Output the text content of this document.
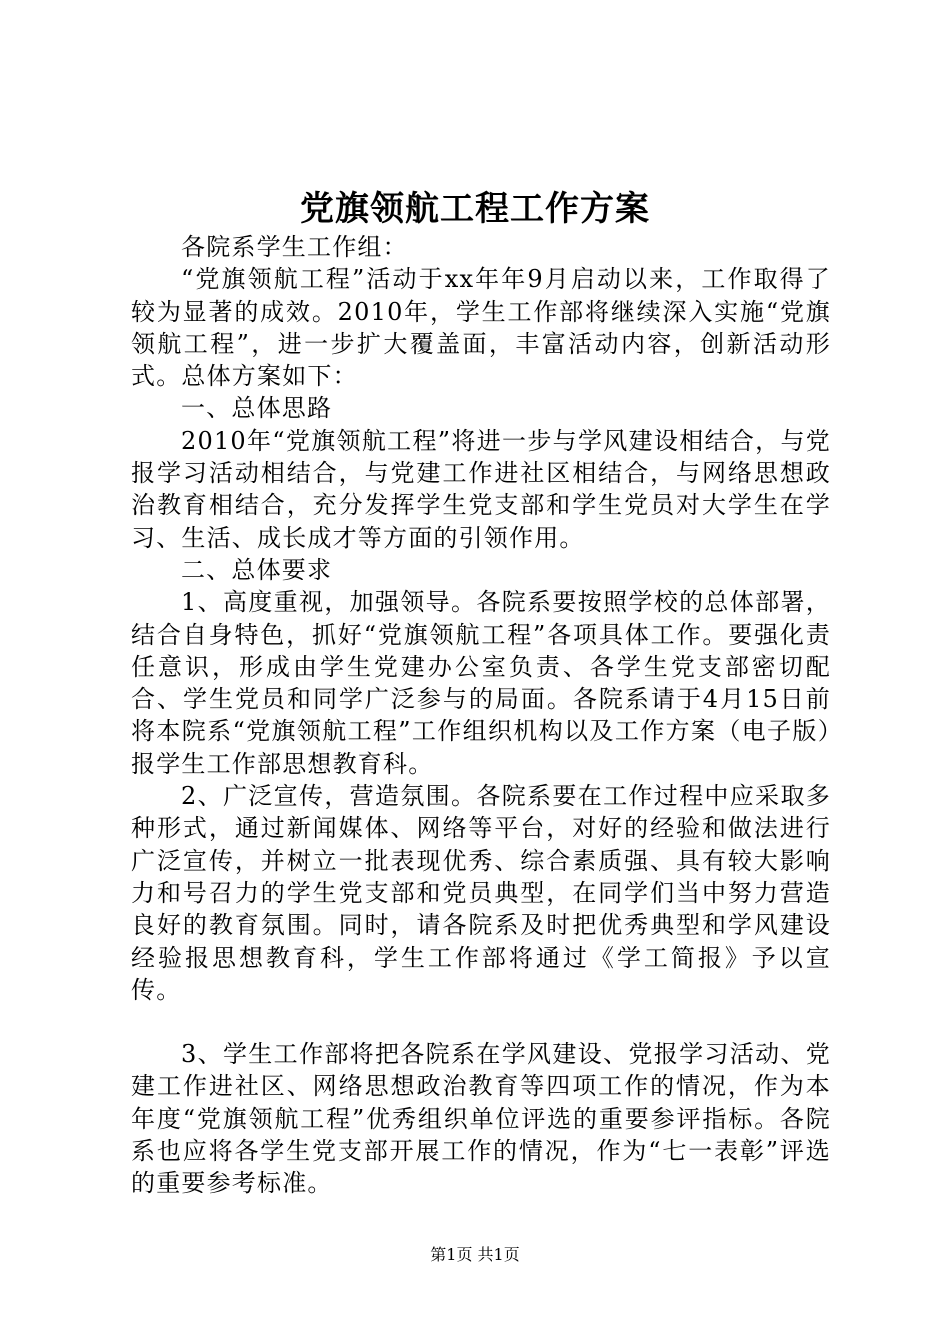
党旗领航工程工作方案

各院系学生工作组：

“党旗领航工程”活动于xx年年9月启动以来，工作取得了较为显著的成效。2010年，学生工作部将继续深入实施“党旗领航工程”，进一步扩大覆盖面，丰富活动内容，创新活动形式。总体方案如下：

一、总体思路

2010年“党旗领航工程”将进一步与学风建设相结合，与党报学习活动相结合，与党建工作进社区相结合，与网络思想政治教育相结合，充分发挥学生党支部和学生党员对大学生在学习、生活、成长成才等方面的引领作用。

二、总体要求

1、高度重视，加强领导。各院系要按照学校的总体部署，结合自身特色，抓好“党旗领航工程”各项具体工作。要强化责任意识，形成由学生党建办公室负责、各学生党支部密切配合、学生党员和同学广泛参与的局面。各院系请于4月15日前将本院系“党旗领航工程”工作组织机构以及工作方案（电子版）报学生工作部思想教育科。

2、广泛宣传，营造氛围。各院系要在工作过程中应采取多种形式，通过新闻媒体、网络等平台，对好的经验和做法进行广泛宣传，并树立一批表现优秀、综合素质强、具有较大影响力和号召力的学生党支部和党员典型，在同学们当中努力营造良好的教育氛围。同时，请各院系及时把优秀典型和学风建设经验报思想教育科，学生工作部将通过《学工简报》予以宣传。

3、学生工作部将把各院系在学风建设、党报学习活动、党建工作进社区、网络思想政治教育等四项工作的情况，作为本年度“党旗领航工程”优秀组织单位评选的重要参评指标。各院系也应将各学生党支部开展工作的情况，作为“七一表彰”评选的重要参考标准。

第1页 共1页
